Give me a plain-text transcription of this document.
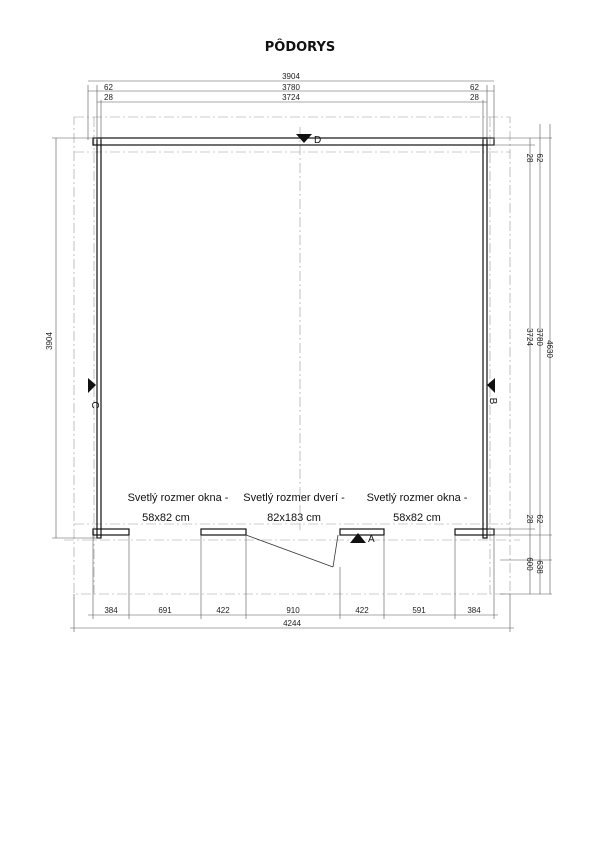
PÔDORYS
D
C
B
A
Svetlý rozmer okna -
58x82 cm
Svetlý rozmer dverí -
82x183 cm
Svetlý rozmer okna -
58x82 cm
3904
3780
3724
62	62
28	28
3904
28 62
3724 3780
4630
28 62
600 638
384	691	422	910	422	591	384
4244
